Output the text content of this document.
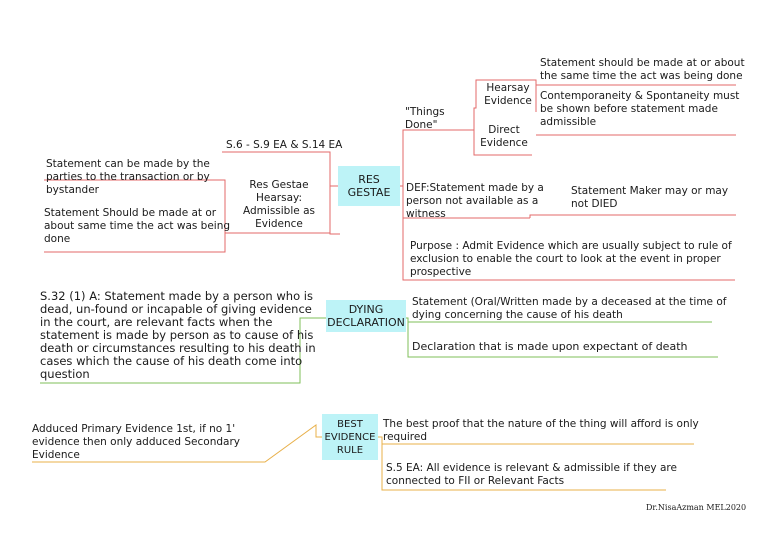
RES
GESTAE
S.6 - S.9 EA & S.14 EA
Res Gestae
Hearsay:
Admissible as
Evidence
Statement can be made by the
parties to the transaction or by
bystander
Statement Should be made at or
about same time the act was being
done
"Things
Done"
Hearsay
Evidence
Direct
Evidence
Statement should be made at or about
the same time the act was being done
Contemporaneity & Spontaneity must
be shown before statement made
admissible
DEF:Statement made by a
person not available as a
witness
Statement Maker may or may
not DIED
Purpose : Admit Evidence which are usually subject to rule of
exclusion to enable the court to look at the event in proper
prospective
DYING
DECLARATION
S.32 (1) A: Statement made by a person who is
dead, un-found or incapable of giving evidence
in the court, are relevant facts when the
statement is made by person as to cause of his
death or circumstances resulting to his death in
cases which the cause of his death come into
question
Statement (Oral/Written made by a deceased at the time of
dying concerning the cause of his death
Declaration that is made upon expectant of death
BEST
EVIDENCE
RULE
Adduced Primary Evidence 1st, if no 1'
evidence then only adduced Secondary
Evidence
The best proof that the nature of the thing will afford is only
required
S.5 EA: All evidence is relevant & admissible if they are
connected to FII or Relevant Facts
Dr.NisaAzman MEL2020
